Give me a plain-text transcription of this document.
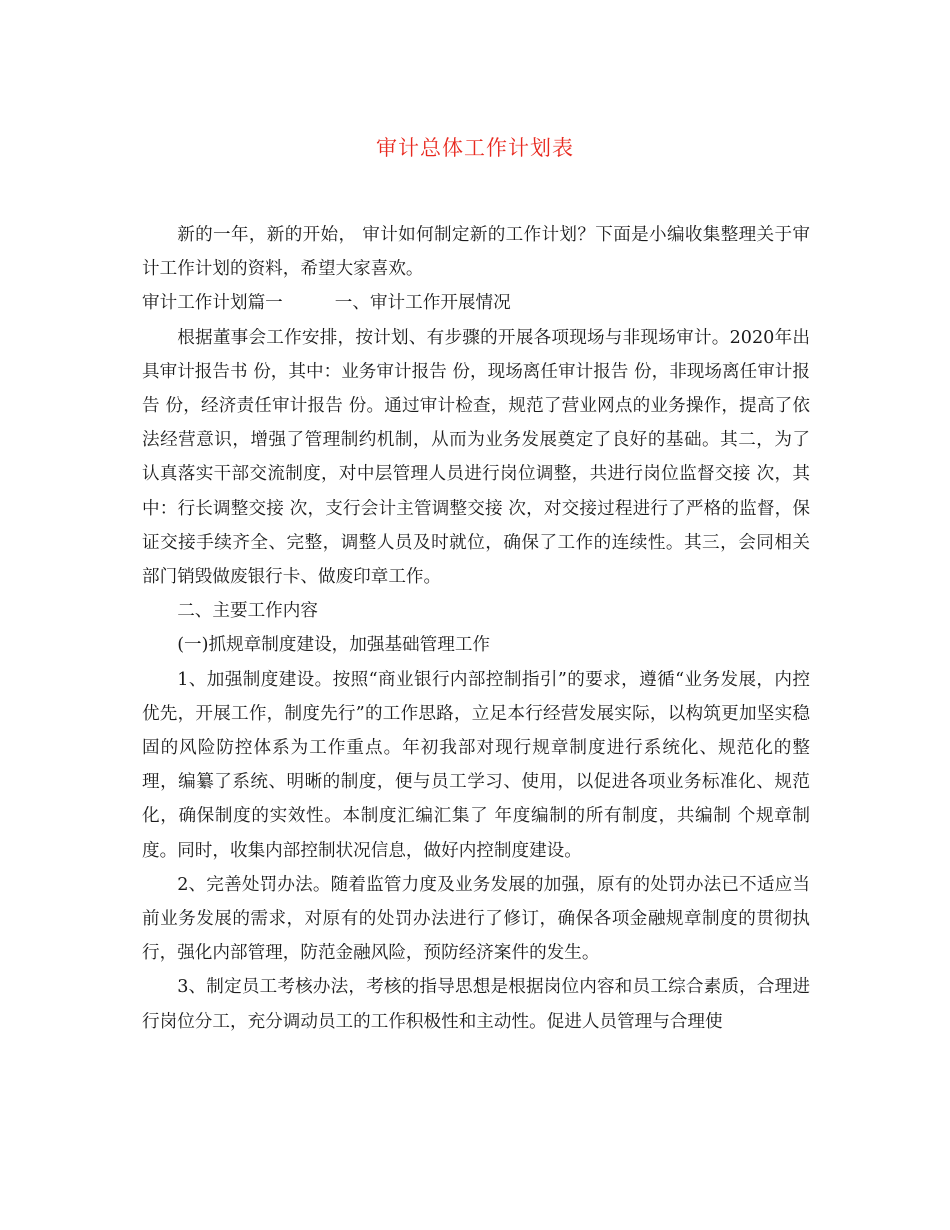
审计总体工作计划表

新的一年，新的开始， 审计如何制定新的工作计划？下面是小编收集整理关于审计工作计划的资料，希望大家喜欢。

审计工作计划篇一	一、审计工作开展情况

根据董事会工作安排，按计划、有步骤的开展各项现场与非现场审计。2020年出具审计报告书 份，其中：业务审计报告 份，现场离任审计报告 份，非现场离任审计报告 份，经济责任审计报告 份。通过审计检查，规范了营业网点的业务操作，提高了依法经营意识，增强了管理制约机制，从而为业务发展奠定了良好的基础。其二，为了认真落实干部交流制度，对中层管理人员进行岗位调整，共进行岗位监督交接 次，其中：行长调整交接 次，支行会计主管调整交接 次，对交接过程进行了严格的监督，保证交接手续齐全、完整，调整人员及时就位，确保了工作的连续性。其三，会同相关部门销毁做废银行卡、做废印章工作。

二、主要工作内容

(一)抓规章制度建设，加强基础管理工作

1、加强制度建设。按照“商业银行内部控制指引”的要求，遵循“业务发展，内控优先，开展工作，制度先行”的工作思路，立足本行经营发展实际，以构筑更加坚实稳固的风险防控体系为工作重点。年初我部对现行规章制度进行系统化、规范化的整理，编纂了系统、明晰的制度，便与员工学习、使用，以促进各项业务标准化、规范化，确保制度的实效性。本制度汇编汇集了 年度编制的所有制度，共编制 个规章制度。同时，收集内部控制状况信息，做好内控制度建设。

2、完善处罚办法。随着监管力度及业务发展的加强，原有的处罚办法已不适应当前业务发展的需求，对原有的处罚办法进行了修订，确保各项金融规章制度的贯彻执行，强化内部管理，防范金融风险，预防经济案件的发生。

3、制定员工考核办法，考核的指导思想是根据岗位内容和员工综合素质，合理进行岗位分工，充分调动员工的工作积极性和主动性。促进人员管理与合理使
